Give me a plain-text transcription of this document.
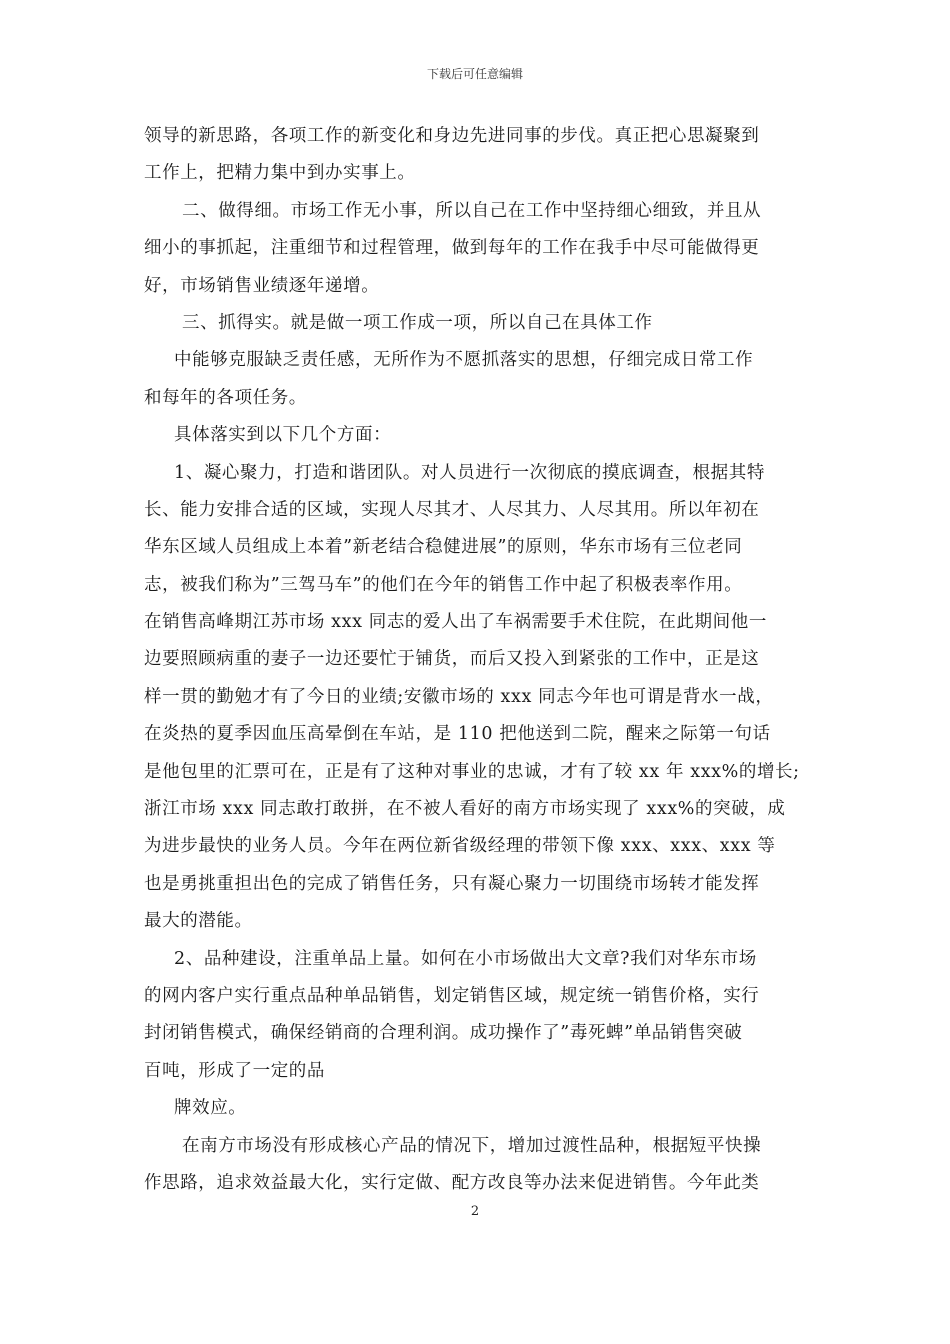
下载后可任意编辑
领导的新思路，各项工作的新变化和身边先进同事的步伐。真正把心思凝聚到
工作上，把精力集中到办实事上。
二、做得细。市场工作无小事，所以自己在工作中坚持细心细致，并且从
细小的事抓起，注重细节和过程管理，做到每年的工作在我手中尽可能做得更
好，市场销售业绩逐年递增。
三、抓得实。就是做一项工作成一项，所以自己在具体工作
中能够克服缺乏责任感，无所作为不愿抓落实的思想，仔细完成日常工作
和每年的各项任务。
具体落实到以下几个方面：
1、凝心聚力，打造和谐团队。对人员进行一次彻底的摸底调查，根据其特
长、能力安排合适的区域，实现人尽其才、人尽其力、人尽其用。所以年初在
华东区域人员组成上本着”新老结合稳健进展”的原则，华东市场有三位老同
志，被我们称为”三驾马车”的他们在今年的销售工作中起了积极表率作用。
在销售高峰期江苏市场 xxx 同志的爱人出了车祸需要手术住院，在此期间他一
边要照顾病重的妻子一边还要忙于铺货，而后又投入到紧张的工作中，正是这
样一贯的勤勉才有了今日的业绩;安徽市场的 xxx 同志今年也可谓是背水一战，
在炎热的夏季因血压高晕倒在车站，是 110 把他送到二院，醒来之际第一句话
是他包里的汇票可在，正是有了这种对事业的忠诚，才有了较 xx 年 xxx%的增长;
浙江市场 xxx 同志敢打敢拼，在不被人看好的南方市场实现了 xxx%的突破，成
为进步最快的业务人员。今年在两位新省级经理的带领下像 xxx、xxx、xxx 等
也是勇挑重担出色的完成了销售任务，只有凝心聚力一切围绕市场转才能发挥
最大的潜能。
2、品种建设，注重单品上量。如何在小市场做出大文章?我们对华东市场
的网内客户实行重点品种单品销售，划定销售区域，规定统一销售价格，实行
封闭销售模式，确保经销商的合理利润。成功操作了”毒死蜱”单品销售突破
百吨，形成了一定的品
牌效应。
在南方市场没有形成核心产品的情况下，增加过渡性品种，根据短平快操
作思路，追求效益最大化，实行定做、配方改良等办法来促进销售。今年此类
2
